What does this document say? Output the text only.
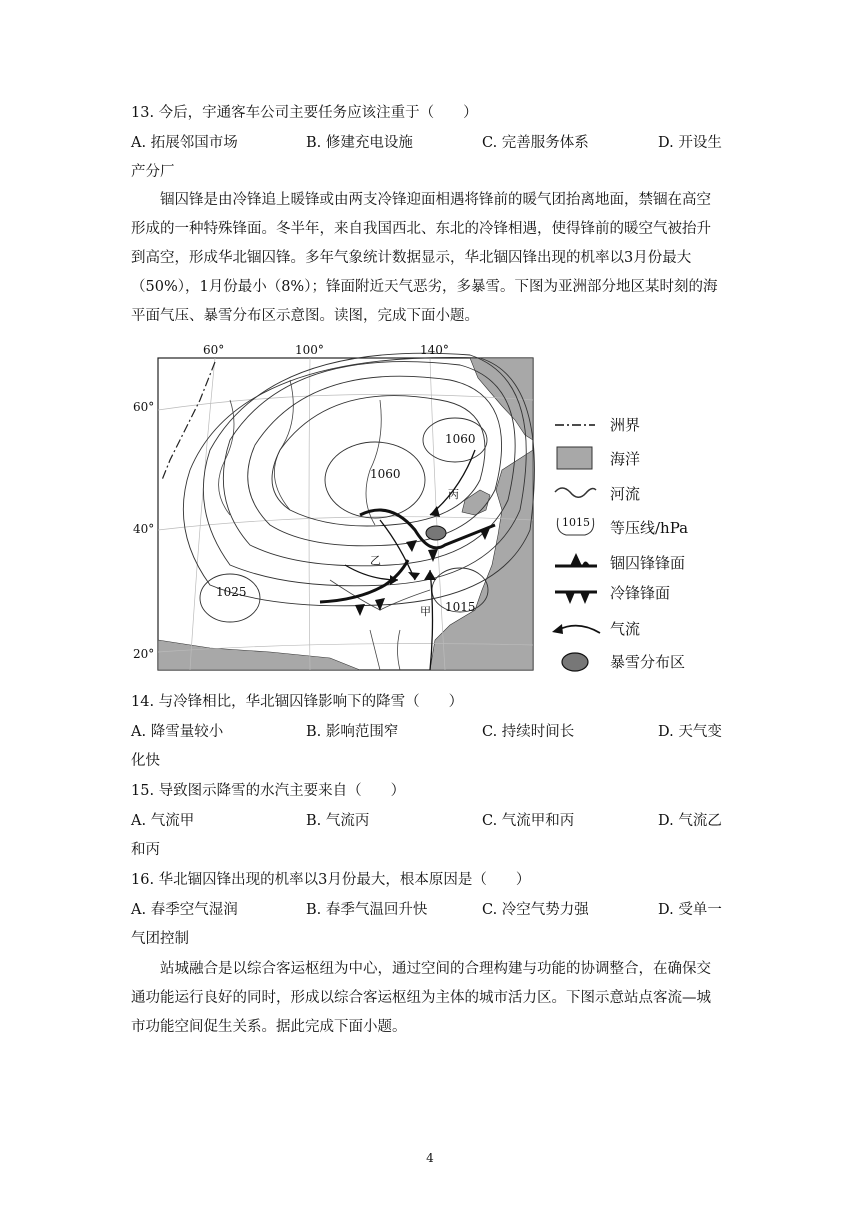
13. 今后，宇通客车公司主要任务应该注重于（　　）
A. 拓展邻国市场	B. 修建充电设施	C. 完善服务体系	D. 开设生
产分厂
锢囚锋是由冷锋追上暖锋或由两支冷锋迎面相遇将锋前的暖气团抬离地面，禁锢在高空
形成的一种特殊锋面。冬半年，来自我国西北、东北的冷锋相遇，使得锋前的暖空气被抬升
到高空，形成华北锢囚锋。多年气象统计数据显示，华北锢囚锋出现的机率以3月份最大
（50%），1月份最小（8%）；锋面附近天气恶劣，多暴雪。下图为亚洲部分地区某时刻的海
平面气压、暴雪分布区示意图。读图，完成下面小题。
1060
1060
1025
1015
丙
甲
乙
60°	100°	140°
60°
40°
20°
洲界
海洋
河流
1015 等压线/hPa
锢囚锋锋面
冷锋锋面
气流
暴雪分布区
14. 与冷锋相比，华北锢囚锋影响下的降雪（　　）
A. 降雪量较小	B. 影响范围窄	C. 持续时间长	D. 天气变
化快
15. 导致图示降雪的水汽主要来自（　　）
A. 气流甲	B. 气流丙	C. 气流甲和丙	D. 气流乙
和丙
16. 华北锢囚锋出现的机率以3月份最大，根本原因是（　　）
A. 春季空气湿润	B. 春季气温回升快	C. 冷空气势力强	D. 受单一
气团控制
站城融合是以综合客运枢纽为中心，通过空间的合理构建与功能的协调整合，在确保交
通功能运行良好的同时，形成以综合客运枢纽为主体的城市活力区。下图示意站点客流—城
市功能空间促生关系。据此完成下面小题。
4
